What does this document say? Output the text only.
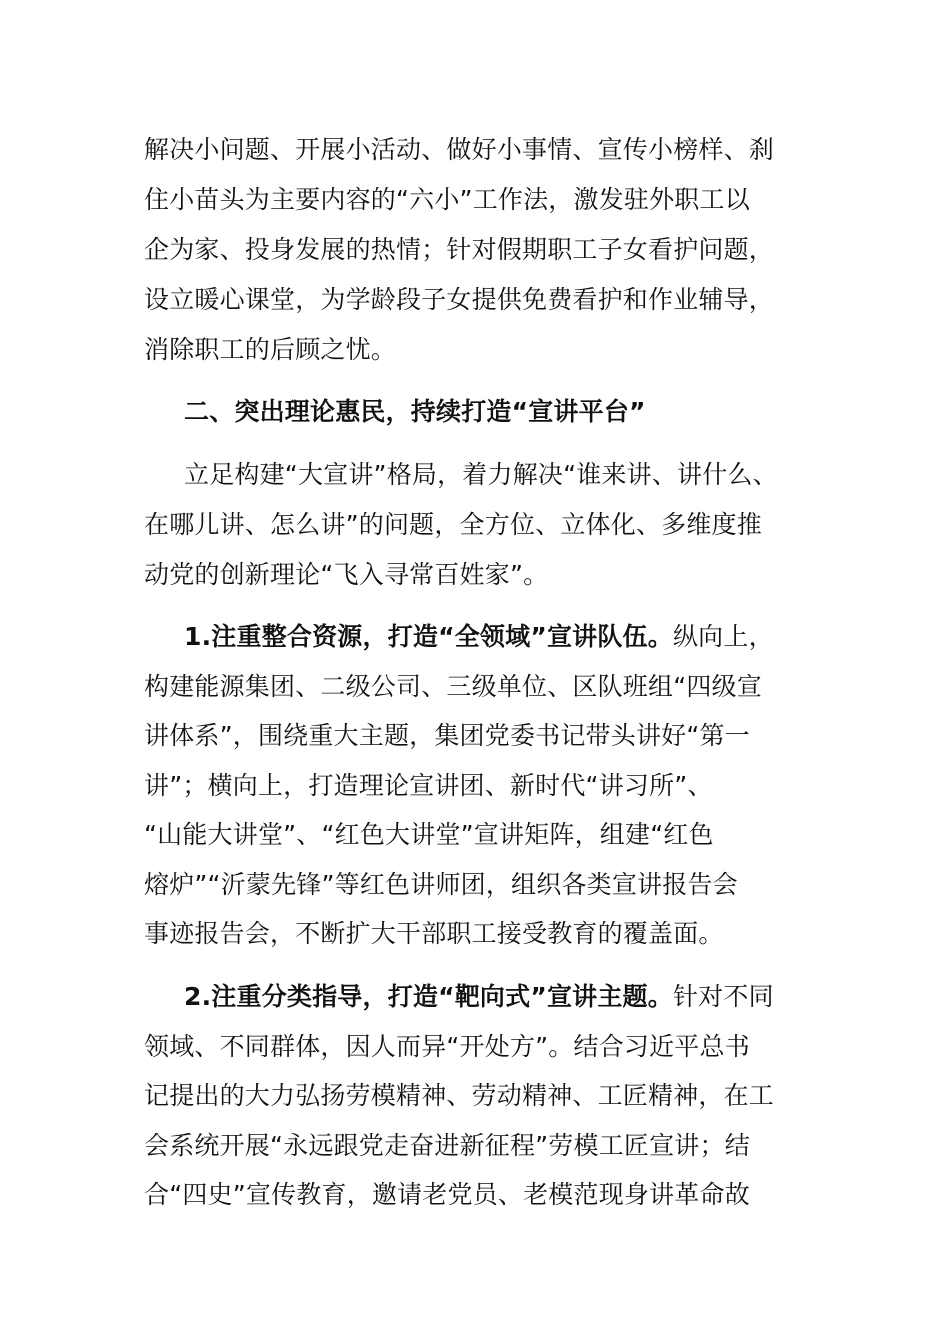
解决小问题、开展小活动、做好小事情、宣传小榜样、刹
住小苗头为主要内容的“六小”工作法，激发驻外职工以
企为家、投身发展的热情；针对假期职工子女看护问题，
设立暖心课堂，为学龄段子女提供免费看护和作业辅导，
消除职工的后顾之忧。
二、突出理论惠民，持续打造“宣讲平台”
立足构建“大宣讲”格局，着力解决“谁来讲、讲什么、
在哪儿讲、怎么讲”的问题，全方位、立体化、多维度推
动党的创新理论“飞入寻常百姓家”。
1.注重整合资源，打造“全领域”宣讲队伍。纵向上，
构建能源集团、二级公司、三级单位、区队班组“四级宣
讲体系”，围绕重大主题，集团党委书记带头讲好“第一
讲”；横向上，打造理论宣讲团、新时代“讲习所”、
“山能大讲堂”、“红色大讲堂”宣讲矩阵，组建“红色
熔炉”“沂蒙先锋”等红色讲师团，组织各类宣讲报告会
事迹报告会，不断扩大干部职工接受教育的覆盖面。
2.注重分类指导，打造“靶向式”宣讲主题。针对不同
领域、不同群体，因人而异“开处方”。结合习近平总书
记提出的大力弘扬劳模精神、劳动精神、工匠精神，在工
会系统开展“永远跟党走奋进新征程”劳模工匠宣讲；结
合“四史”宣传教育，邀请老党员、老模范现身讲革命故
